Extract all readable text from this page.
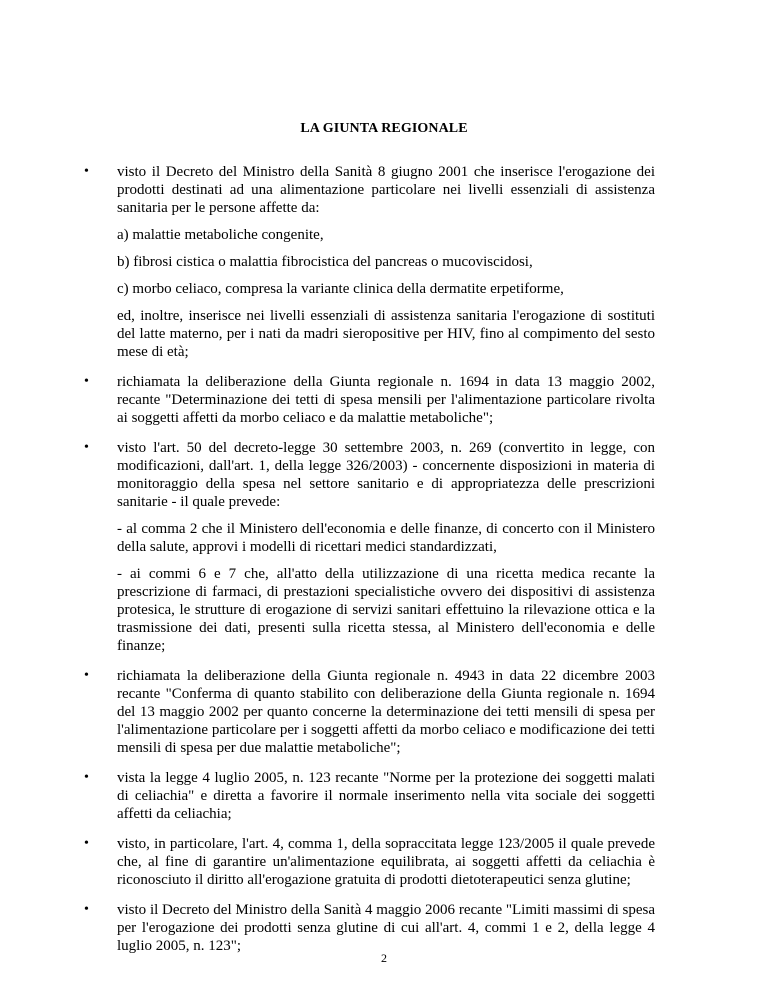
LA GIUNTA REGIONALE
• visto il Decreto del Ministro della Sanità 8 giugno 2001 che inserisce l'erogazione dei prodotti destinati ad una alimentazione particolare nei livelli essenziali di assistenza sanitaria per le persone affette da:

a) malattie metaboliche congenite,

b) fibrosi cistica o malattia fibrocistica del pancreas o mucoviscidosi,

c) morbo celiaco, compresa la variante clinica della dermatite erpetiforme,

ed, inoltre, inserisce nei livelli essenziali di assistenza sanitaria l'erogazione di sostituti del latte materno, per i nati da madri sieropositive per HIV, fino al compimento del sesto mese di età;

• richiamata la deliberazione della Giunta regionale n. 1694 in data 13 maggio 2002, recante "Determinazione dei tetti di spesa mensili per l'alimentazione particolare rivolta ai soggetti affetti da morbo celiaco e da malattie metaboliche";

• visto l'art. 50 del decreto-legge 30 settembre 2003, n. 269 (convertito in legge, con modificazioni, dall'art. 1, della legge 326/2003) - concernente disposizioni in materia di monitoraggio della spesa nel settore sanitario e di appropriatezza delle prescrizioni sanitarie - il quale prevede:

- al comma 2 che il Ministero dell'economia e delle finanze, di concerto con il Ministero della salute, approvi i modelli di ricettari medici standardizzati,

- ai commi 6 e 7 che, all'atto della utilizzazione di una ricetta medica recante la prescrizione di farmaci, di prestazioni specialistiche ovvero dei dispositivi di assistenza protesica, le strutture di erogazione di servizi sanitari effettuino la rilevazione ottica e la trasmissione dei dati, presenti sulla ricetta stessa, al Ministero dell'economia e delle finanze;

• richiamata la deliberazione della Giunta regionale n. 4943 in data 22 dicembre 2003 recante "Conferma di quanto stabilito con deliberazione della Giunta regionale n. 1694 del 13 maggio 2002 per quanto concerne la determinazione dei tetti mensili di spesa per l'alimentazione particolare per i soggetti affetti da morbo celiaco e modificazione dei tetti mensili di spesa per due malattie metaboliche";

• vista la legge 4 luglio 2005, n. 123 recante "Norme per la protezione dei soggetti malati di celiachia" e diretta a favorire il normale inserimento nella vita sociale dei soggetti affetti da celiachia;

• visto, in particolare, l'art. 4, comma 1, della sopraccitata legge 123/2005 il quale prevede che, al fine di garantire un'alimentazione equilibrata, ai soggetti affetti da celiachia è riconosciuto il diritto all'erogazione gratuita di prodotti dietoterapeutici senza glutine;

• visto il Decreto del Ministro della Sanità 4 maggio 2006 recante "Limiti massimi di spesa per l'erogazione dei prodotti senza glutine di cui all'art. 4, commi 1 e 2, della legge 4 luglio 2005, n. 123";

2
